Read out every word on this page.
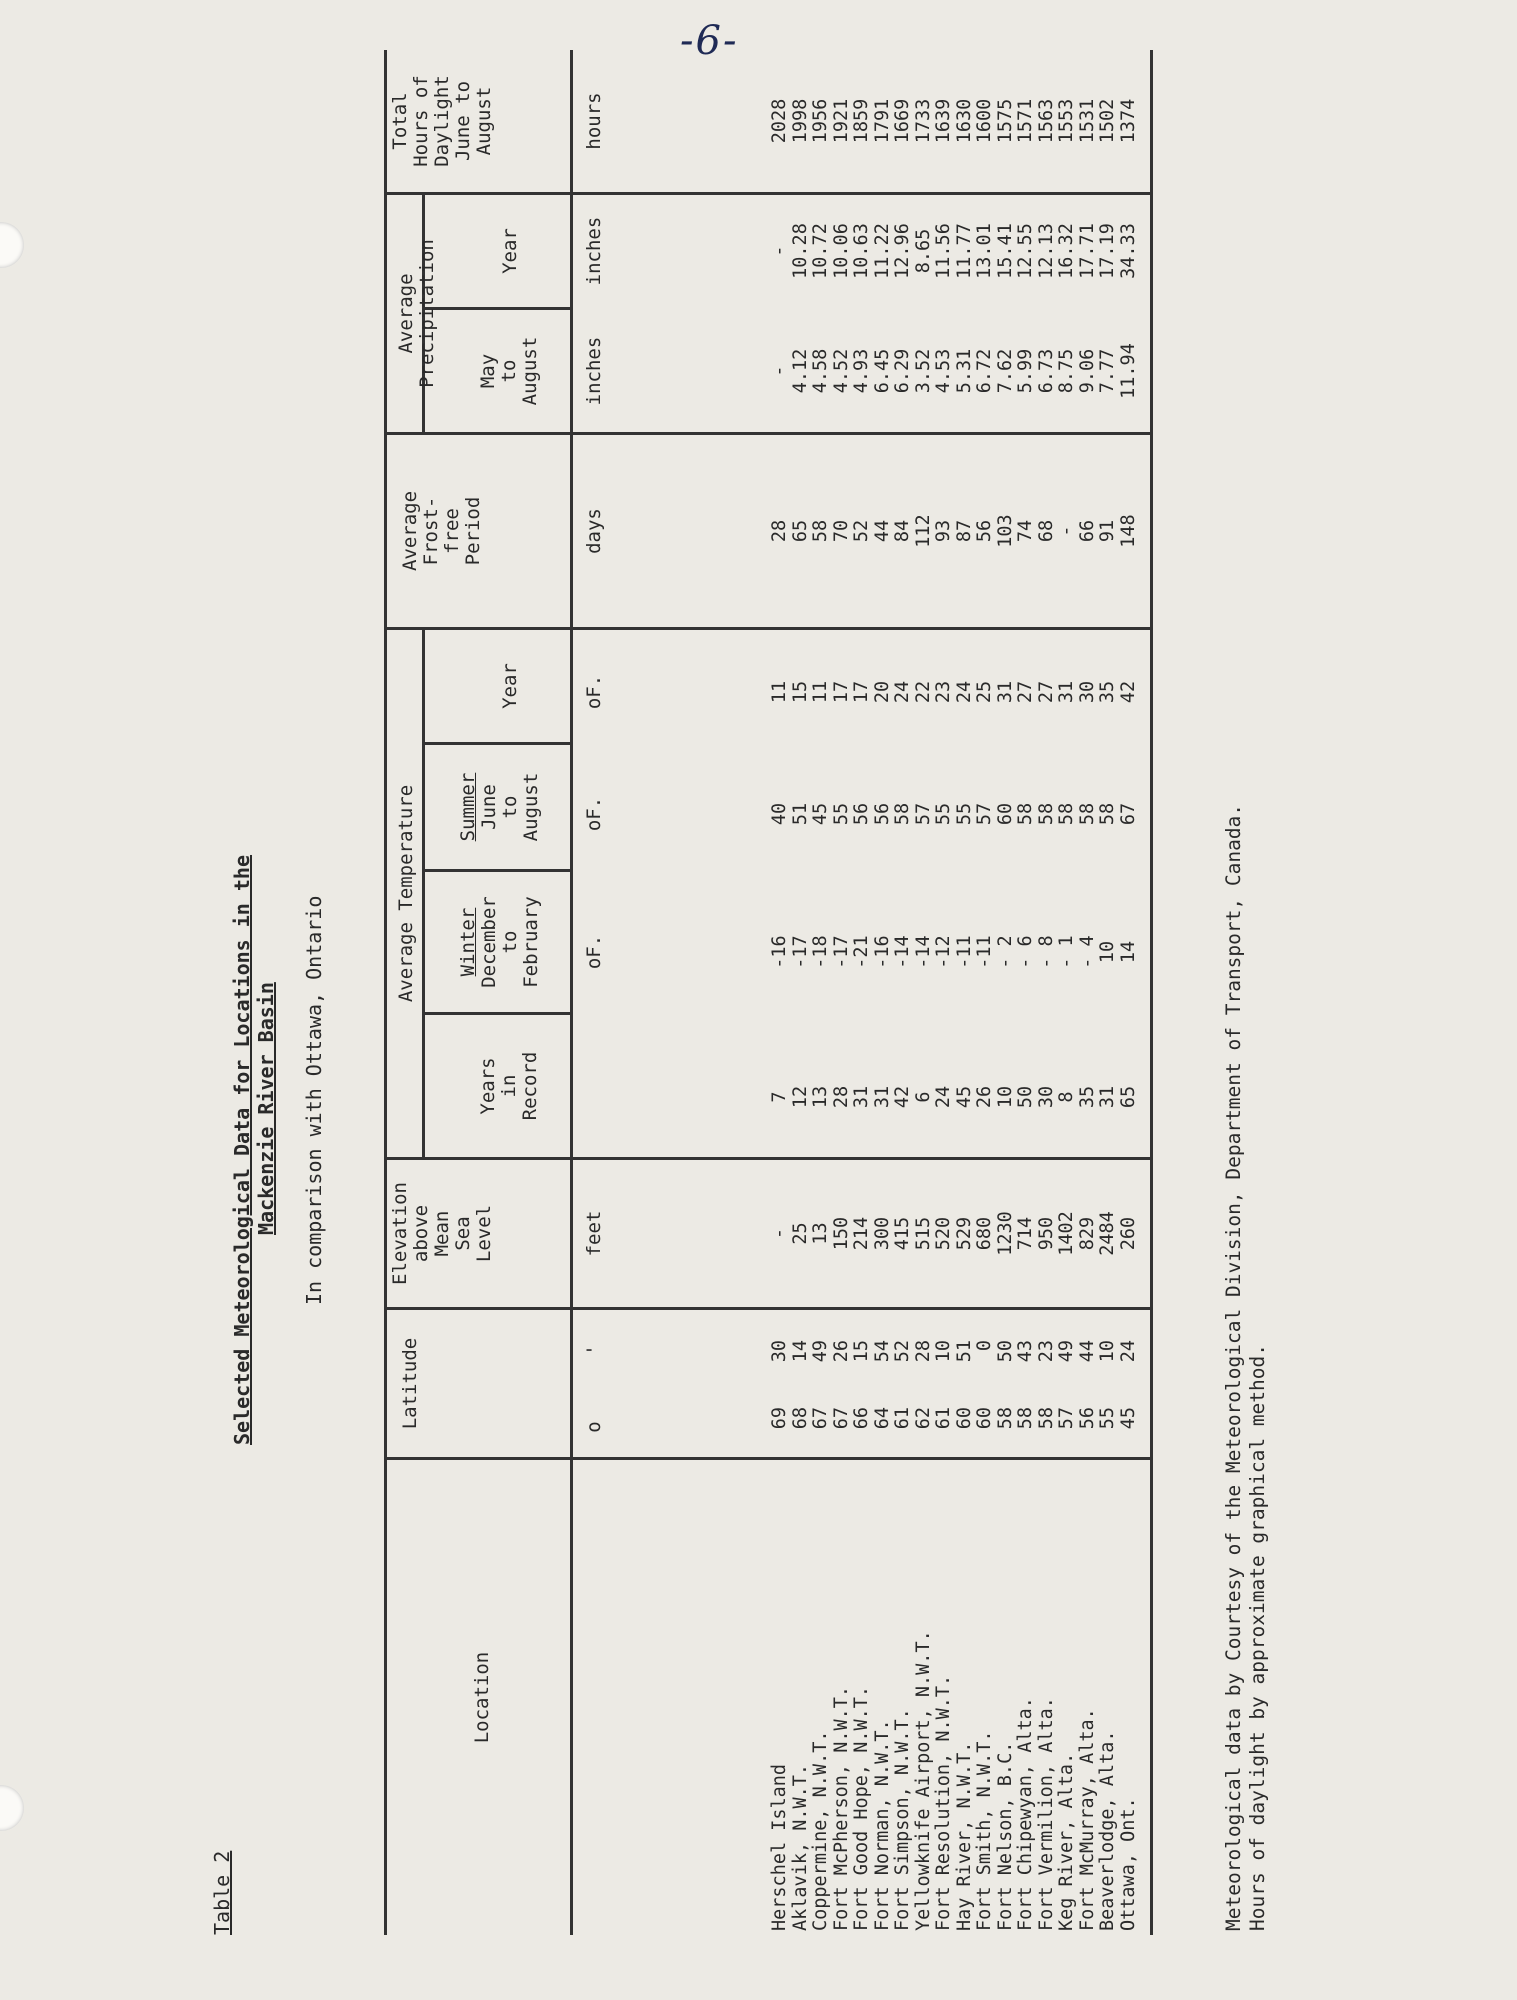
-6-
Table 2
Selected Meteorological Data for Locations in the Mackenzie River Basin In comparison with Ottawa, Ontario
Location
Latitude
Elevation above Mean Sea Level
Average Temperature
Years in Record
Winter December to February
Summer June to August
Year
Average Frost- free Period
Average Precipitation May to August
Year
Total Hours of Daylight June to August
o
'
feet
oF.
oF.
oF.
days
inches
inches
hours
Herschel Island Aklavik, N.W.T. Coppermine, N.W.T. Fort McPherson, N.W.T. Fort Good Hope, N.W.T. Fort Norman, N.W.T. Fort Simpson, N.W.T. Yellowknife Airport, N.W.T. Fort Resolution, N.W.T. Hay River, N.W.T. Fort Smith, N.W.T. Fort Nelson, B.C. Fort Chipewyan, Alta. Fort Vermilion, Alta. Keg River, Alta. Fort McMurray, Alta. Beaverlodge, Alta. Ottawa, Ont.
69 68 67 67 66 64 61 62 61 60 60 58 58 58 57 56 55 45
30 14 49 26 15 54 52 28 10 51 0 50 43 23 49 44 10 24
- 25 13 150 214 300 415 515 520 529 680 1230 714 950 1402 829 2484 260
7 12 13 28 31 31 42 6 24 45 26 10 50 30 8 35 31 65
-16 -17 -18 -17 -21 -16 -14 -14 -12 -11 -11 - 2 - 6 - 8 - 1 - 4 10 14
40 51 45 55 56 56 58 57 55 55 57 60 58 58 58 58 58 67
11 15 11 17 17 20 24 22 23 24 25 31 27 27 31 30 35 42
28 65 58 70 52 44 84 112 93 87 56 103 74 68 - 66 91 148
- 4.12 4.58 4.52 4.93 6.45 6.29 3.52 4.53 5.31 6.72 7.62 5.99 6.73 8.75 9.06 7.77 11.94
- 10.28 10.72 10.06 10.63 11.22 12.96 8.65 11.56 11.77 13.01 15.41 12.55 12.13 16.32 17.71 17.19 34.33
2028 1998 1956 1921 1859 1791 1669 1733 1639 1630 1600 1575 1571 1563 1553 1531 1502 1374
Meteorological data by Courtesy of the Meteorological Division, Department of Transport, Canada. Hours of daylight by approximate graphical method.
